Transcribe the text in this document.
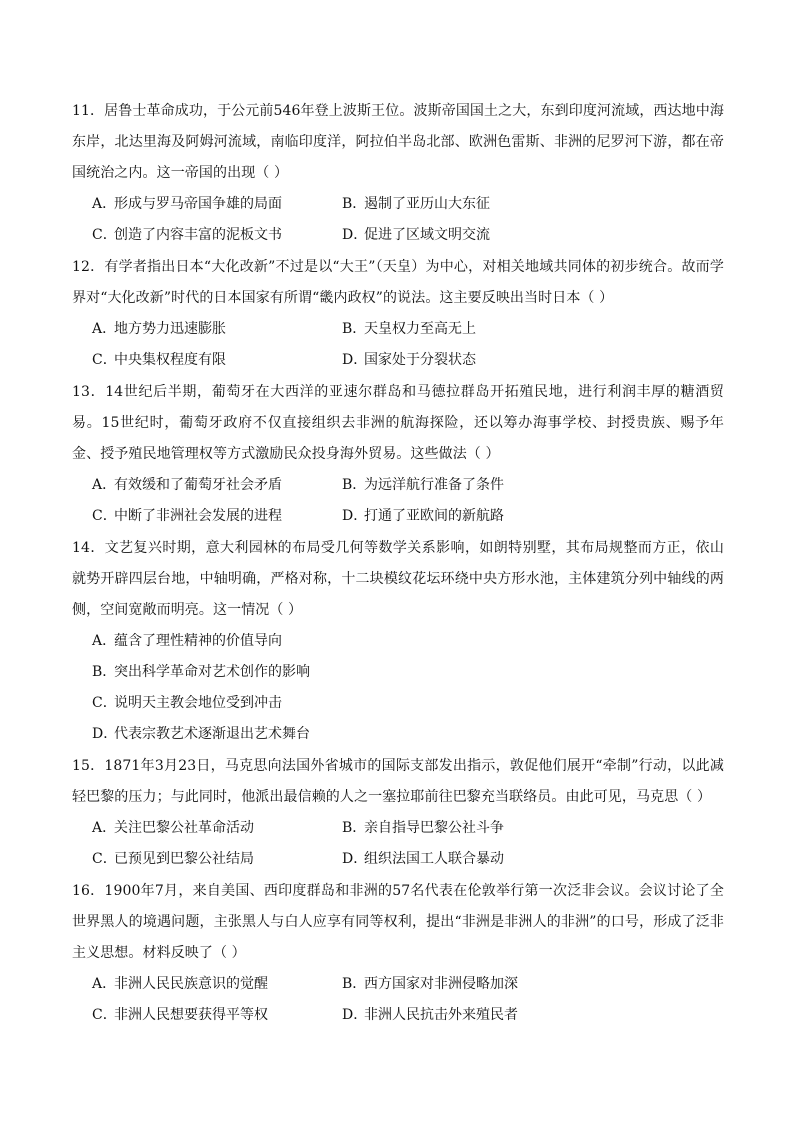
11．居鲁士革命成功，于公元前546年登上波斯王位。波斯帝国国土之大，东到印度河流域，西达地中海东岸，北达里海及阿姆河流域，南临印度洋，阿拉伯半岛北部、欧洲色雷斯、非洲的尼罗河下游，都在帝国统治之内。这一帝国的出现（ ）

A．形成与罗马帝国争雄的局面	B．遏制了亚历山大东征
C．创造了内容丰富的泥板文书	D．促进了区域文明交流

12．有学者指出日本“大化改新”不过是以“大王”（天皇）为中心，对相关地域共同体的初步统合。故而学界对“大化改新”时代的日本国家有所谓“畿内政权”的说法。这主要反映出当时日本（ ）

A．地方势力迅速膨胀	B．天皇权力至高无上
C．中央集权程度有限	D．国家处于分裂状态

13．14世纪后半期，葡萄牙在大西洋的亚速尔群岛和马德拉群岛开拓殖民地，进行利润丰厚的糖酒贸易。15世纪时，葡萄牙政府不仅直接组织去非洲的航海探险，还以筹办海事学校、封授贵族、赐予年金、授予殖民地管理权等方式激励民众投身海外贸易。这些做法（ ）

A．有效缓和了葡萄牙社会矛盾	B．为远洋航行准备了条件
C．中断了非洲社会发展的进程	D．打通了亚欧间的新航路

14．文艺复兴时期，意大利园林的布局受几何等数学关系影响，如朗特别墅，其布局规整而方正，依山就势开辟四层台地，中轴明确，严格对称，十二块模纹花坛环绕中央方形水池，主体建筑分列中轴线的两侧，空间宽敞而明亮。这一情况（ ）

A．蕴含了理性精神的价值导向
B．突出科学革命对艺术创作的影响
C．说明天主教会地位受到冲击
D．代表宗教艺术逐渐退出艺术舞台

15．1871年3月23日，马克思向法国外省城市的国际支部发出指示，敦促他们展开“牵制”行动，以此减轻巴黎的压力；与此同时，他派出最信赖的人之一塞拉耶前往巴黎充当联络员。由此可见，马克思（ ）

A．关注巴黎公社革命活动	B．亲自指导巴黎公社斗争
C．已预见到巴黎公社结局	D．组织法国工人联合暴动

16．1900年7月，来自美国、西印度群岛和非洲的57名代表在伦敦举行第一次泛非会议。会议讨论了全世界黑人的境遇问题，主张黑人与白人应享有同等权利，提出“非洲是非洲人的非洲”的口号，形成了泛非主义思想。材料反映了（ ）

A．非洲人民民族意识的觉醒	B．西方国家对非洲侵略加深
C．非洲人民想要获得平等权	D．非洲人民抗击外来殖民者
